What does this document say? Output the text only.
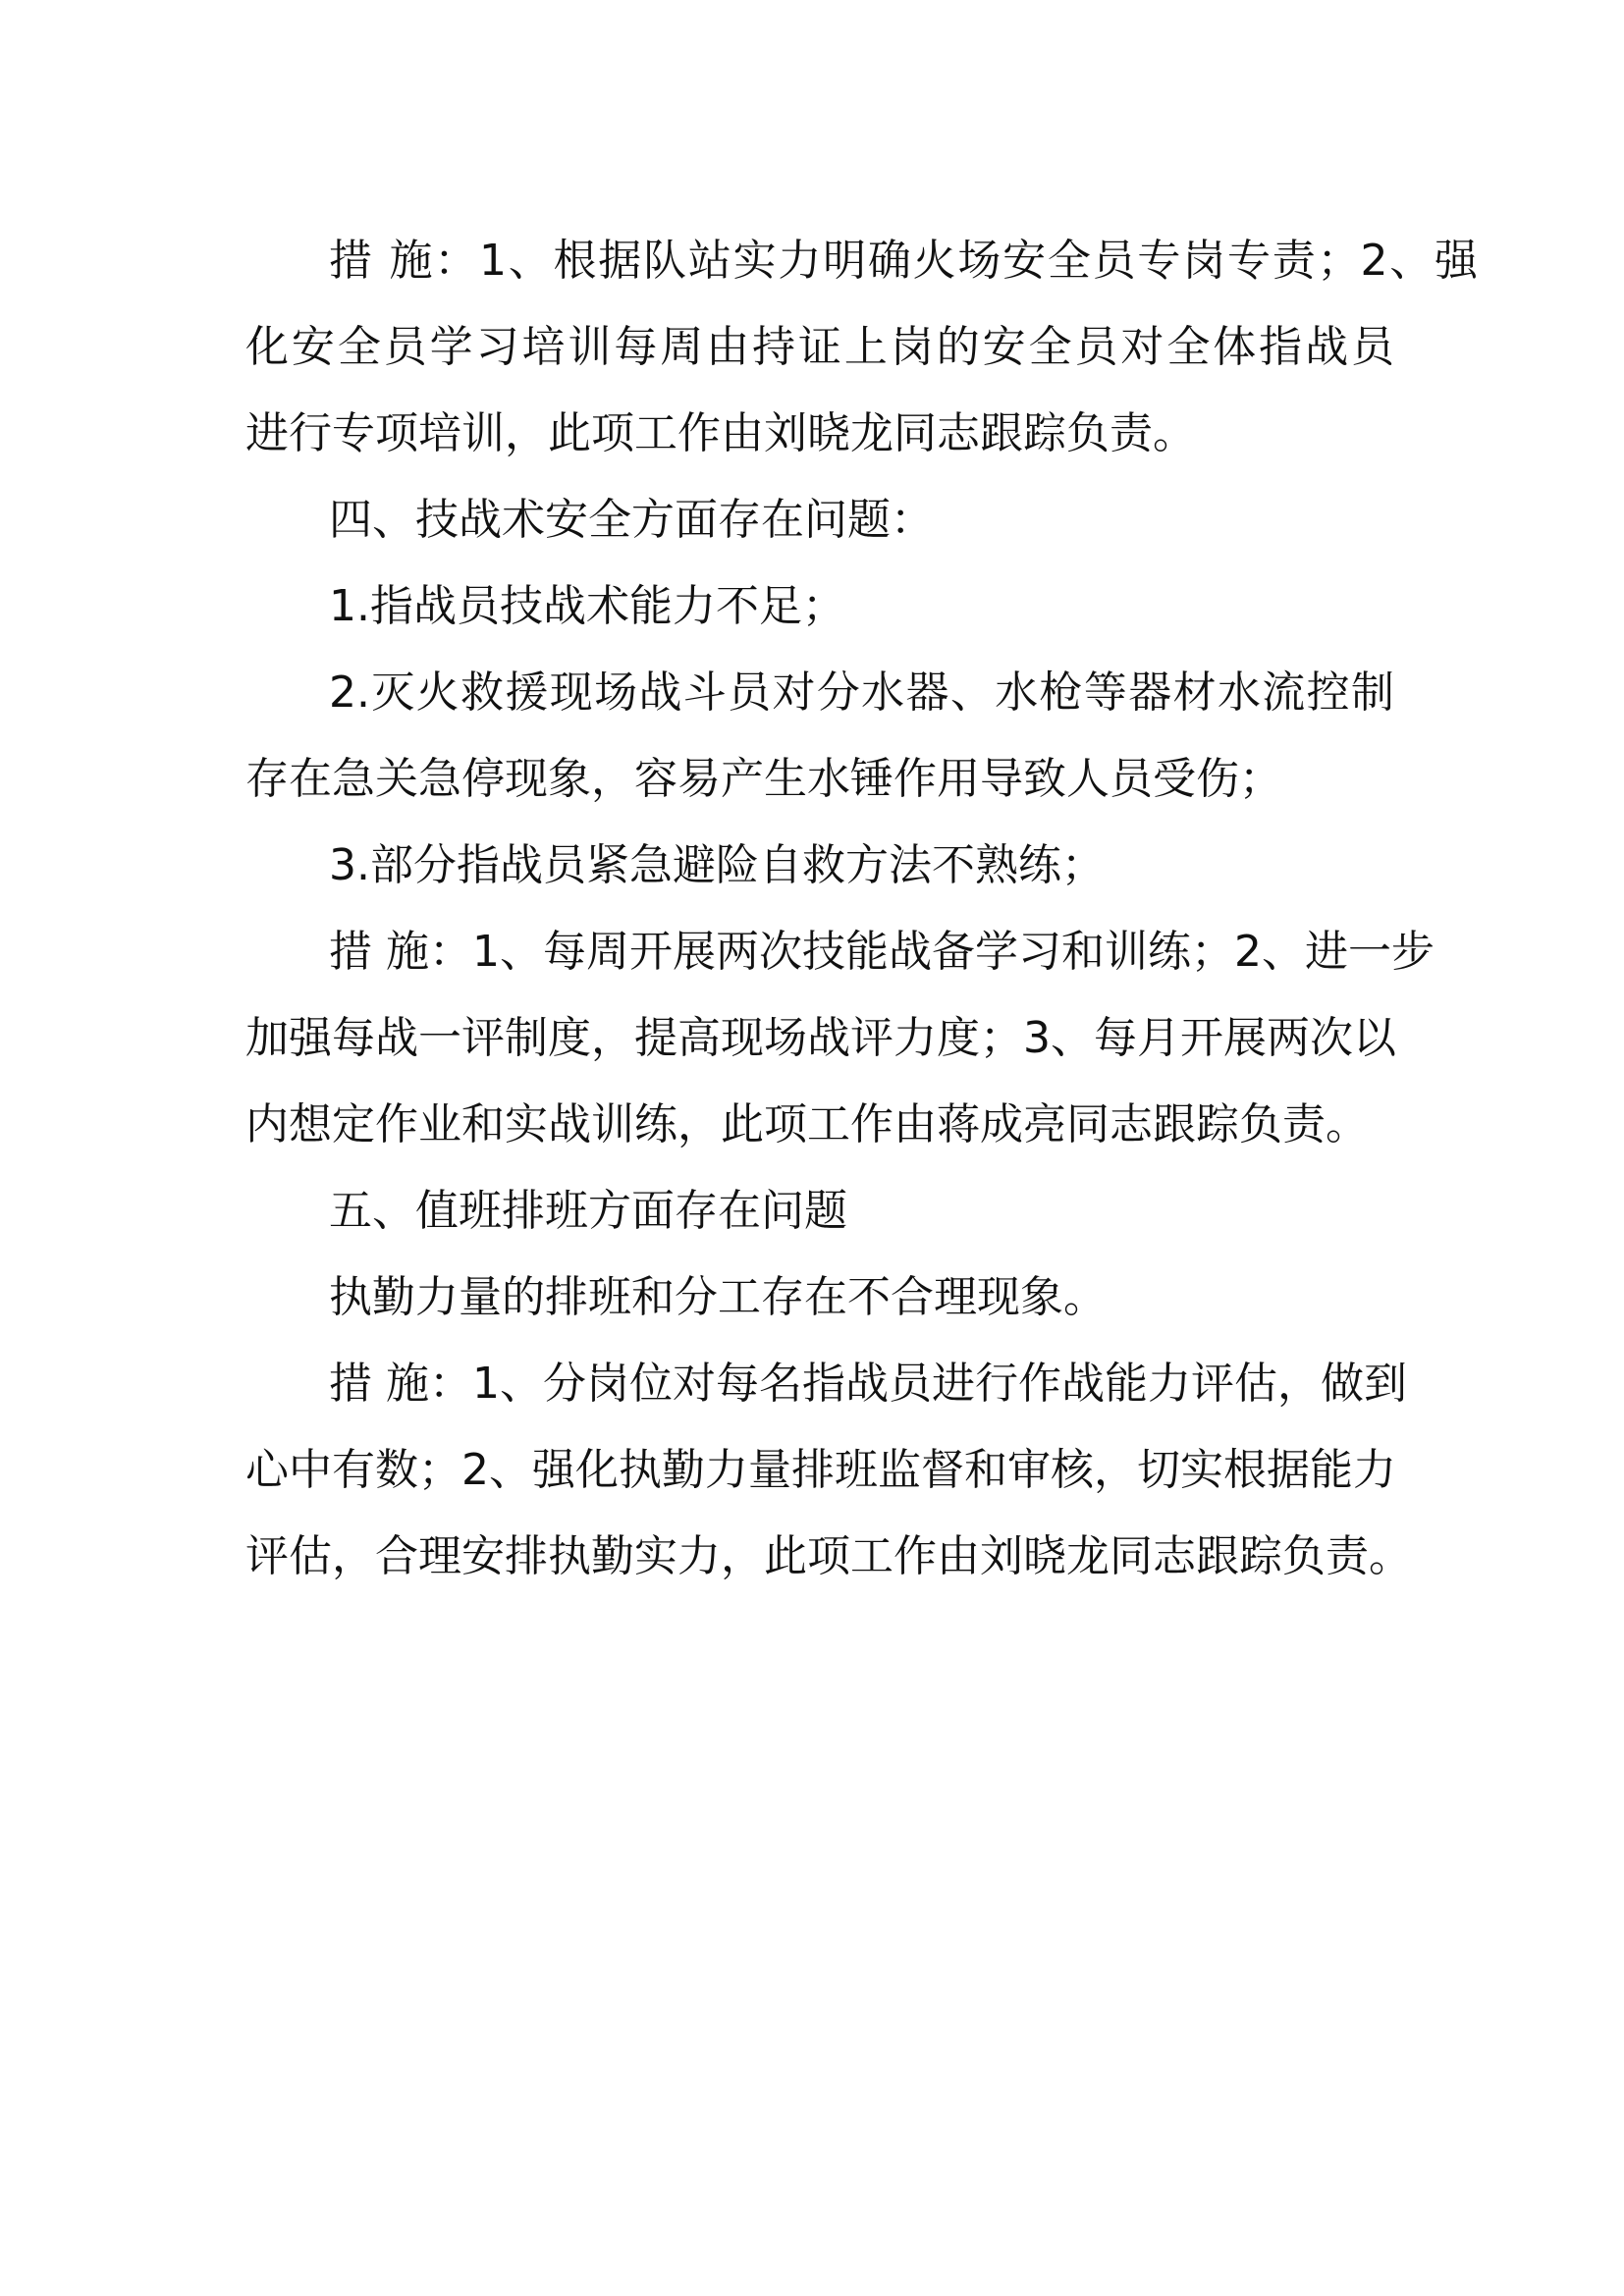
措 施：1、根据队站实力明确火场安全员专岗专责；2、强

化安全员学习培训每周由持证上岗的安全员对全体指战员

进行专项培训，此项工作由刘晓龙同志跟踪负责。

四、技战术安全方面存在问题：

1.指战员技战术能力不足；

2.灭火救援现场战斗员对分水器、水枪等器材水流控制

存在急关急停现象，容易产生水锤作用导致人员受伤；

3.部分指战员紧急避险自救方法不熟练；

措 施：1、每周开展两次技能战备学习和训练；2、进一步

加强每战一评制度，提高现场战评力度；3、每月开展两次以

内想定作业和实战训练，此项工作由蒋成亮同志跟踪负责。

五、值班排班方面存在问题

执勤力量的排班和分工存在不合理现象。

措 施：1、分岗位对每名指战员进行作战能力评估，做到

心中有数；2、强化执勤力量排班监督和审核，切实根据能力

评估，合理安排执勤实力，此项工作由刘晓龙同志跟踪负责。
